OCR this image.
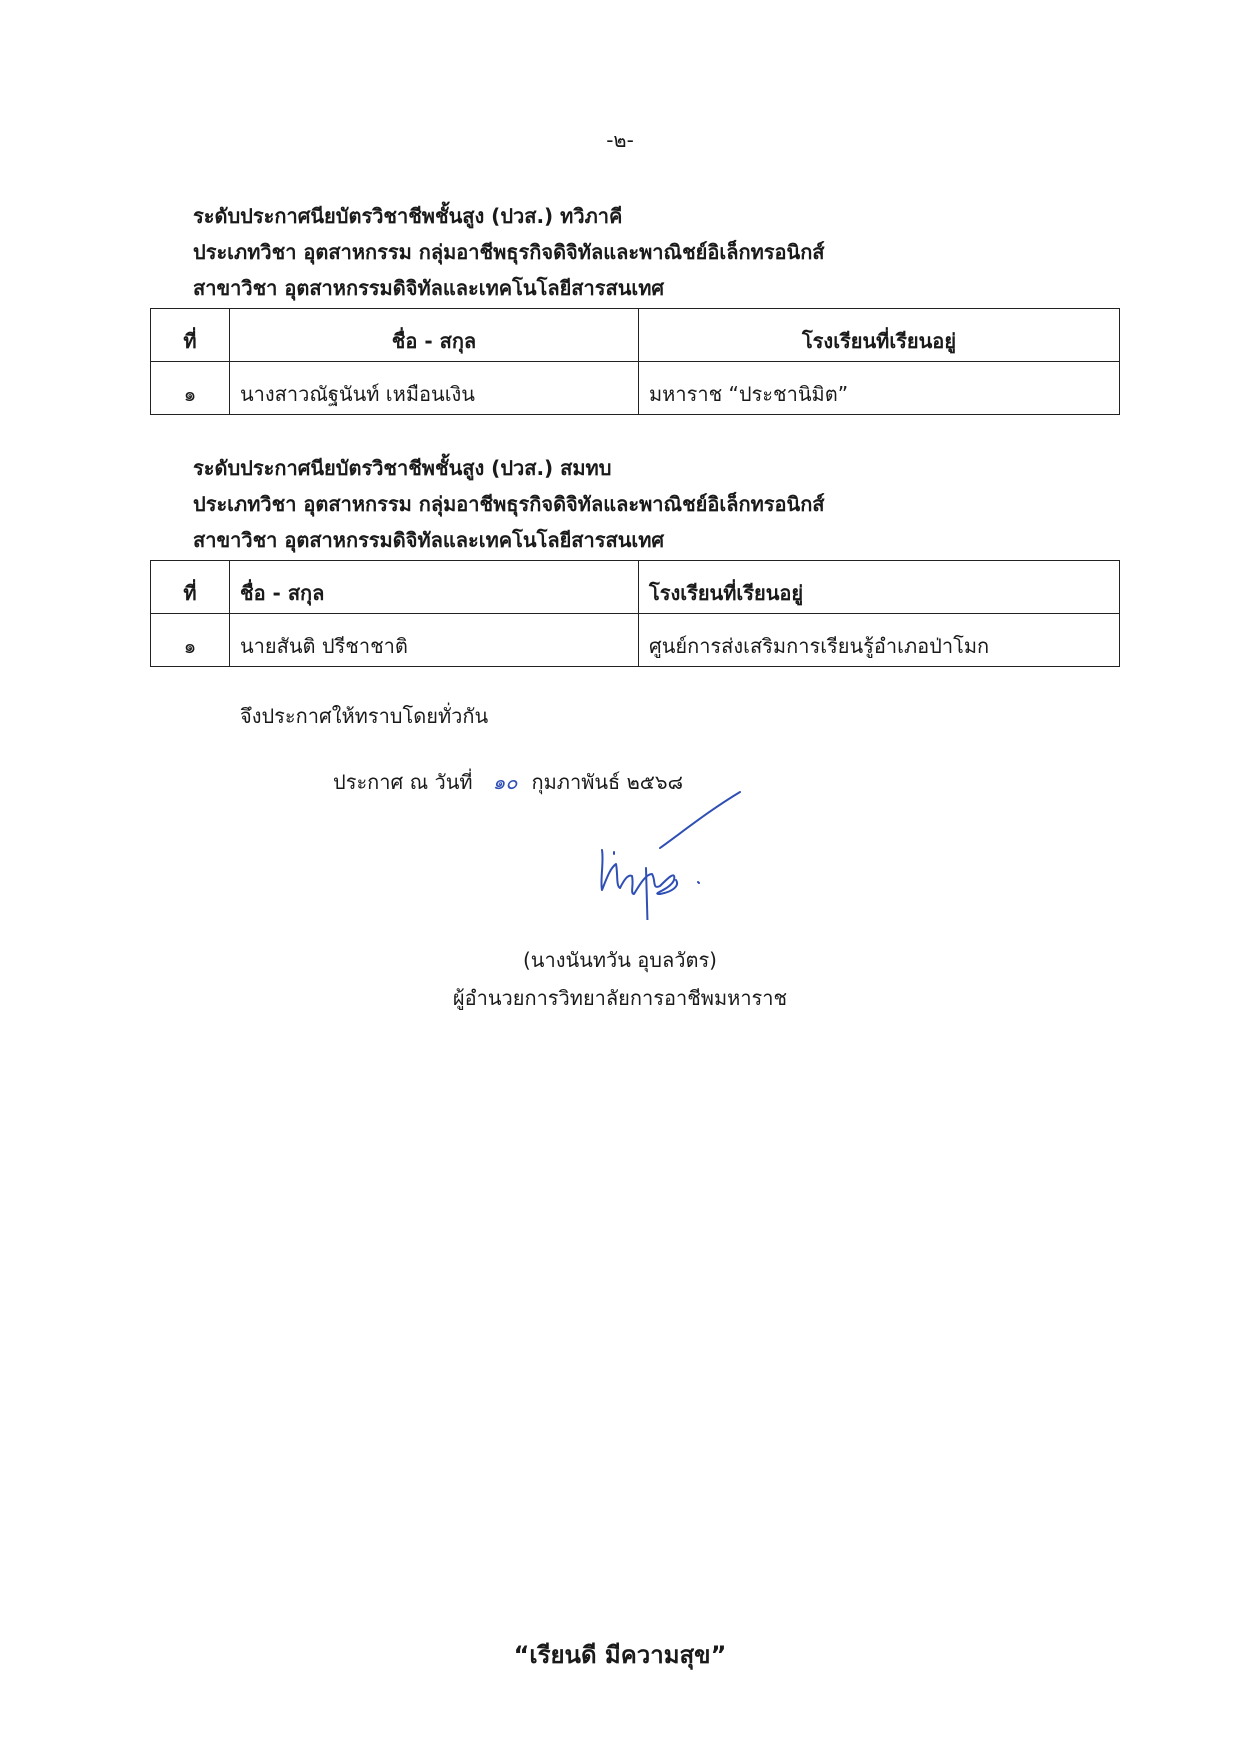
-๒-
ระดับประกาศนียบัตรวิชาชีพชั้นสูง (ปวส.) ทวิภาคี
ประเภทวิชา อุตสาหกรรม กลุ่มอาชีพธุรกิจดิจิทัลและพาณิชย์อิเล็กทรอนิกส์
สาขาวิชา อุตสาหกรรมดิจิทัลและเทคโนโลยีสารสนเทศ
ที่	ชื่อ - สกุล	โรงเรียนที่เรียนอยู่
๑	นางสาวณัฐนันท์ เหมือนเงิน	มหาราช “ประชานิมิต”
ระดับประกาศนียบัตรวิชาชีพชั้นสูง (ปวส.) สมทบ
ประเภทวิชา อุตสาหกรรม กลุ่มอาชีพธุรกิจดิจิทัลและพาณิชย์อิเล็กทรอนิกส์
สาขาวิชา อุตสาหกรรมดิจิทัลและเทคโนโลยีสารสนเทศ
ที่	ชื่อ - สกุล	โรงเรียนที่เรียนอยู่
๑	นายสันติ ปรีชาชาติ	ศูนย์การส่งเสริมการเรียนรู้อำเภอป่าโมก
จึงประกาศให้ทราบโดยทั่วกัน
ประกาศ ณ วันที่ ๑๐ กุมภาพันธ์ ๒๕๖๘
(นางนันทวัน อุบลวัตร)
ผู้อำนวยการวิทยาลัยการอาชีพมหาราช
“เรียนดี มีความสุข”
